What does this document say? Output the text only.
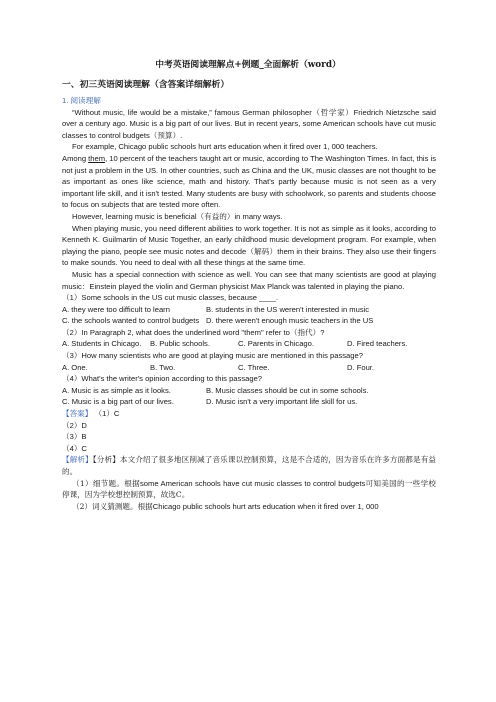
中考英语阅读理解点+例题_全面解析（word）
一、初三英语阅读理解（含答案详细解析）

1. 阅读理解

“Without music, life would be a mistake,” famous German philosopher（哲学家）Friedrich Nietzsche said over a century ago. Music is a big part of our lives. But in recent years, some American schools have cut music classes to control budgets（预算）.

For example, Chicago public schools hurt arts education when it fired over 1, 000 teachers.

Among them, 10 percent of the teachers taught art or music, according to The Washington Times. In fact, this is not just a problem in the US. In other countries, such as China and the UK, music classes are not thought to be as important as ones like science, math and history. That's partly because music is not seen as a very important life skill, and it isn't tested. Many students are busy with schoolwork, so parents and students choose to focus on subjects that are tested more often.

However, learning music is beneficial（有益的）in many ways.

When playing music, you need different abilities to work together. It is not as simple as it looks, according to Kenneth K. Guilmartin of Music Together, an early childhood music development program. For example, when playing the piano, people see music notes and decode（解码）them in their brains. They also use their fingers to make sounds. You need to deal with all these things at the same time.

Music has a special connection with science as well. You can see that many scientists are good at playing music：Einstein played the violin and German physicist Max Planck was talented in playing the piano.

（1）Some schools in the US cut music classes, because ____.

A. they were too difficult to learn	B. students in the US weren't interested in music
C. the schools wanted to control budgets D. there weren't enough music teachers in the US

（2）In Paragraph 2, what does the underlined word "them" refer to（指代）?

A. Students in Chicago.	B. Public schools.	C. Parents in Chicago.	D. Fired teachers.

（3）How many scientists who are good at playing music are mentioned in this passage?

A. One.	B. Two.	C. Three.	D. Four.

（4）What's the writer's opinion according to this passage?

A. Music is as simple as it looks.	B. Music classes should be cut in some schools.
C. Music is a big part of our lives.	D. Music isn't a very important life skill for us.

【答案】 （1）C

（2）D

（3）B

（4）C

【解析】【分析】本文介绍了很多地区削减了音乐课以控制预算，这是不合适的，因为音乐在许多方面都是有益的。

（1）细节题。根据some American schools have cut music classes to control budgets可知美国的一些学校停课，因为学校想控制预算，故选C。

（2）词义猜测题。根据Chicago public schools hurt arts education when it fired over 1, 000
